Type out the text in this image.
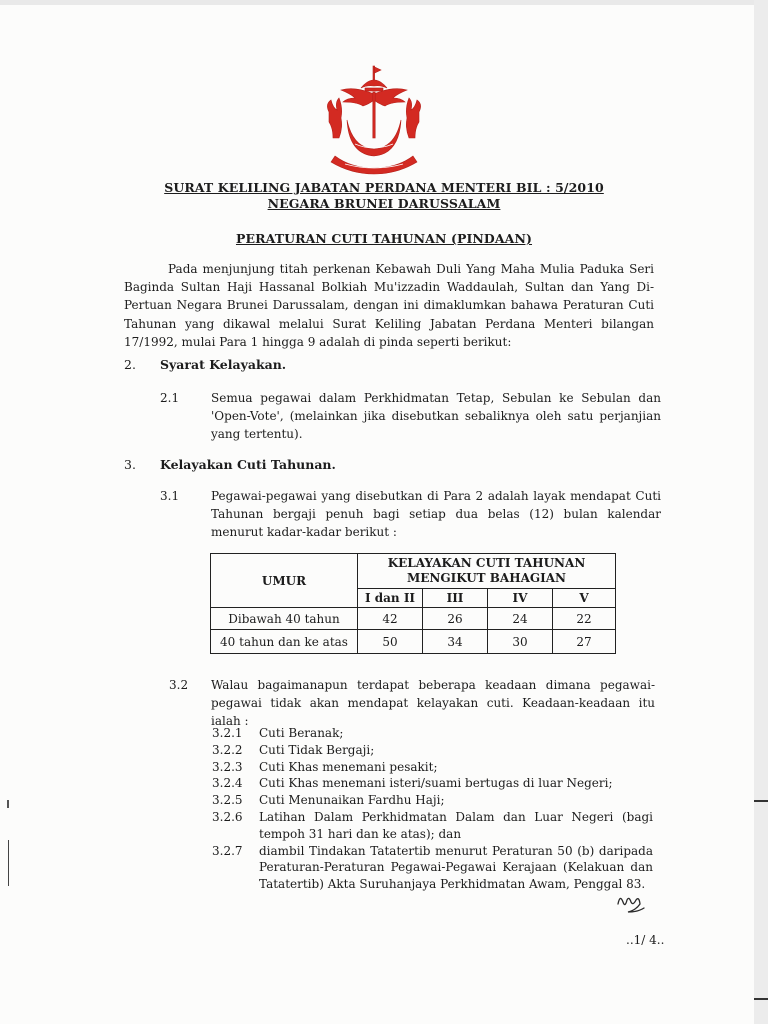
SURAT KELILING JABATAN PERDANA MENTERI BIL : 5/2010
NEGARA BRUNEI DARUSSALAM
PERATURAN CUTI TAHUNAN (PINDAAN)

Pada menjunjung titah perkenan Kebawah Duli Yang Maha Mulia Paduka Seri Baginda Sultan Haji Hassanal Bolkiah Mu'izzadin Waddaulah, Sultan dan Yang Di-Pertuan Negara Brunei Darussalam, dengan ini dimaklumkan bahawa Peraturan Cuti Tahunan yang dikawal melalui Surat Keliling Jabatan Perdana Menteri bilangan 17/1992, mulai Para 1 hingga 9 adalah di pinda seperti berikut:

2. Syarat Kelayakan.
2.1	Semua pegawai dalam Perkhidmatan Tetap, Sebulan ke Sebulan dan 'Open-Vote', (melainkan jika disebutkan sebaliknya oleh satu perjanjian yang tertentu).
3. Kelayakan Cuti Tahunan.
3.1	Pegawai-pegawai yang disebutkan di Para 2 adalah layak mendapat Cuti Tahunan bergaji penuh bagi setiap dua belas (12) bulan kalendar menurut kadar-kadar berikut :
UMUR	KELAYAKAN CUTI TAHUNAN
MENGIKUT BAHAGIAN			
	I dan II	III	IV	V
Dibawah 40 tahun	42	26	24	22
40 tahun dan ke atas	50	34	30	27
3.2 Walau bagaimanapun terdapat beberapa keadaan dimana pegawai-pegawai tidak akan mendapat kelayakan cuti. Keadaan-keadaan itu ialah :
3.2.1 Cuti Beranak;
3.2.2 Cuti Tidak Bergaji;
3.2.3 Cuti Khas menemani pesakit;
3.2.4 Cuti Khas menemani isteri/suami bertugas di luar Negeri;
3.2.5 Cuti Menunaikan Fardhu Haji;
3.2.6 Latihan Dalam Perkhidmatan Dalam dan Luar Negeri (bagi tempoh 31 hari dan ke atas); dan
3.2.7 diambil Tindakan Tatatertib menurut Peraturan 50 (b) daripada Peraturan-Peraturan Pegawai-Pegawai Kerajaan (Kelakuan dan Tatatertib) Akta Suruhanjaya Perkhidmatan Awam, Penggal 83.
..1/ 4..
